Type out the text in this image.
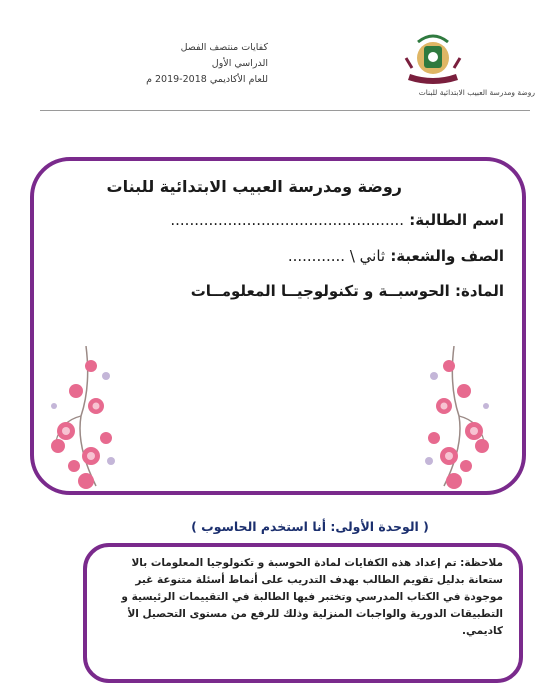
كفايات منتصف الفصل
الدراسي الأول
للعام الأكاديمي 2018-2019 م
روضة ومدرسة العبيب الابتدائية للبنات
روضة ومدرسة العبيب الابتدائية للبنات
اسم الطالبة: .................................................
الصف والشعبة: ثاني \ ............
المادة: الحوسبــة و تكنولوجيــا المعلومــات
( الوحدة الأولى: أنا استخدم الحاسوب )
ملاحظة: تم إعداد هذه الكفايات لمادة الحوسبة و تكنولوجيا المعلومات بالا ستعانة بدليل تقويم الطالب بهدف التدريب على أنماط أسئلة متنوعة غير موجودة في الكتاب المدرسي وتختبر فيها الطالبة في التقييمات الرئيسية و التطبيقات الدورية والواجبات المنزلية وذلك للرفع من مستوى التحصيل الأ كاديمي.
